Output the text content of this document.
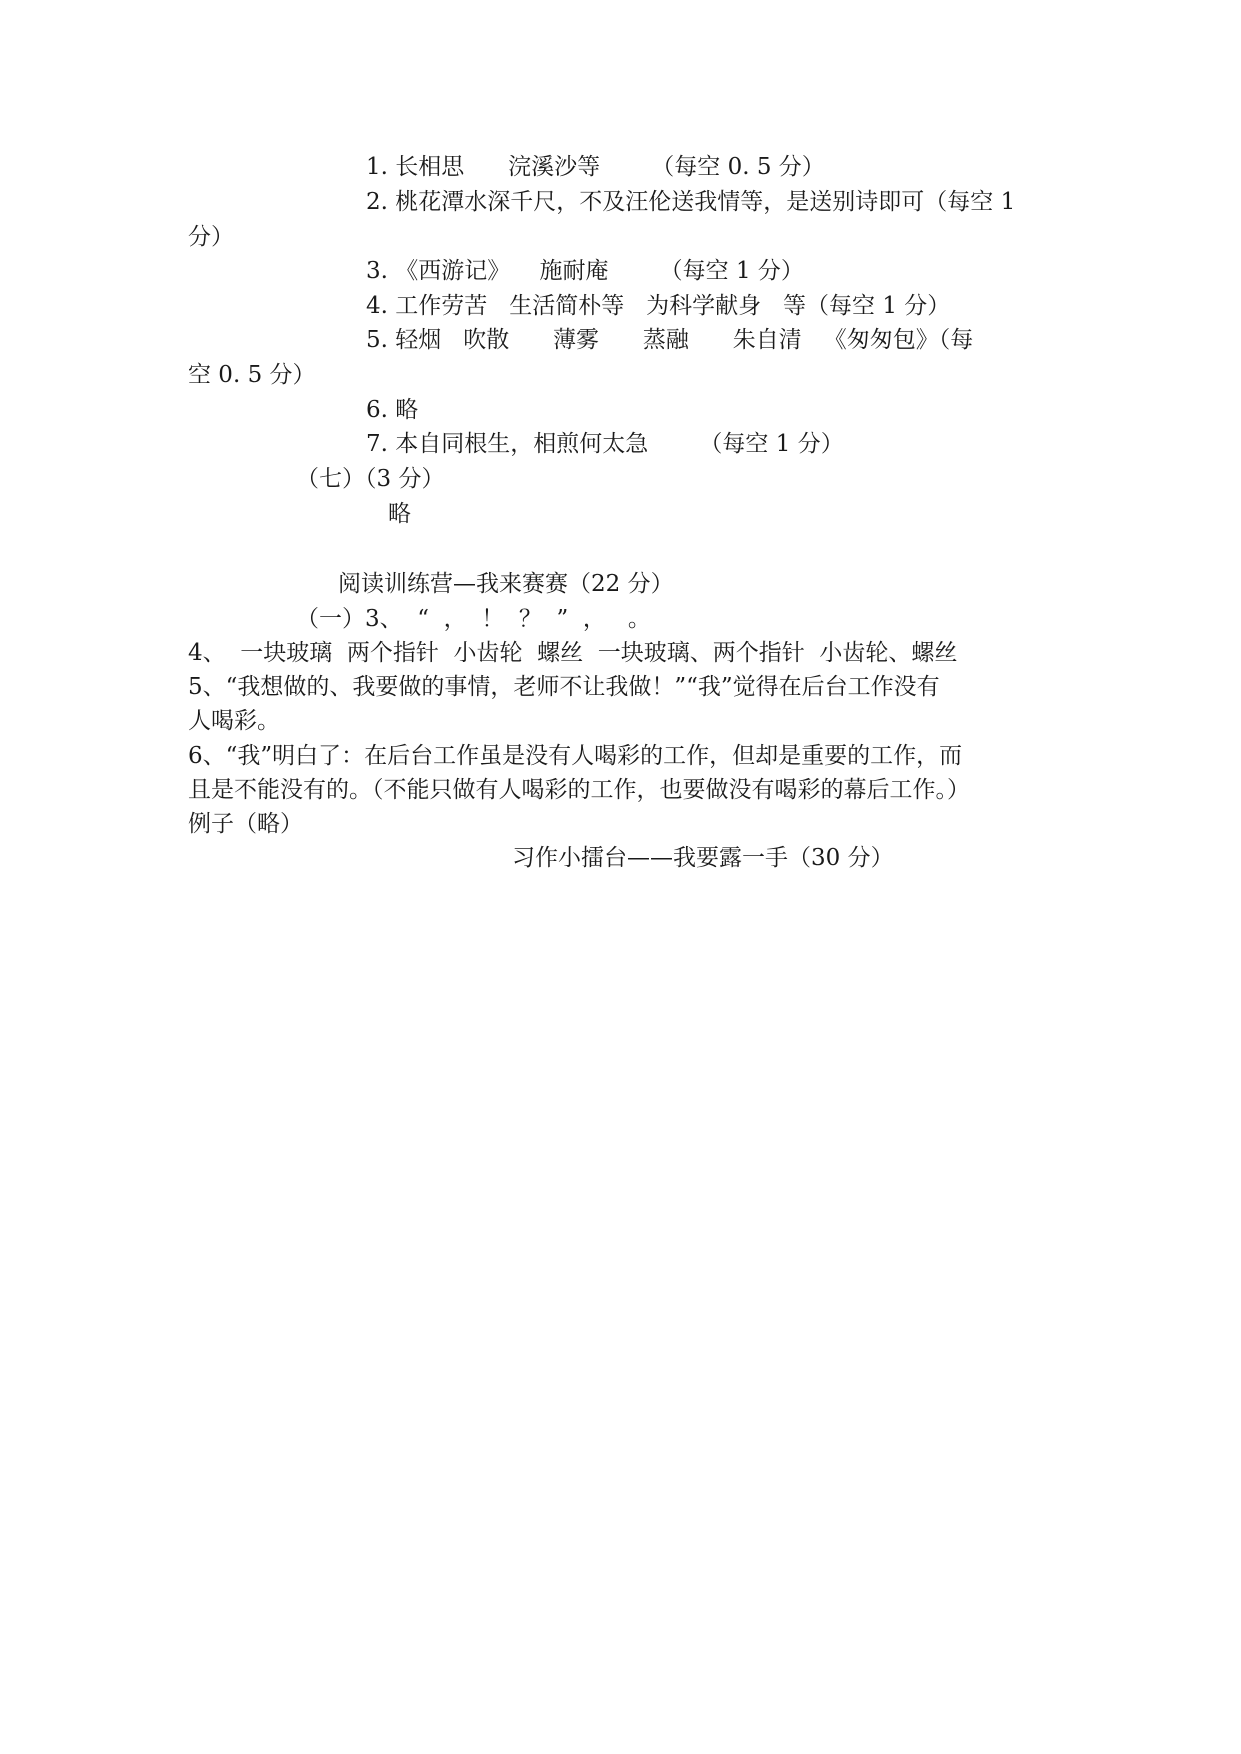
1. 长相思      浣溪沙等       （每空 0. 5 分）
2. 桃花潭水深千尺，不及汪伦送我情等，是送别诗即可（每空 1
分）
3. 《西游记》    施耐庵       （每空 1 分）
4. 工作劳苦   生活简朴等   为科学献身   等（每空 1 分）
5. 轻烟   吹散      薄雾      蒸融      朱自清   《匆匆包》（每
空 0. 5 分）
6. 略
7. 本自同根生，相煎何太急       （每空 1 分）
（七）（3 分）
略
阅读训练营—我来赛赛（22 分）
（一）3、  “  ，  ！  ？  ”  ，   。
4、  一块玻璃  两个指针  小齿轮  螺丝  一块玻璃、两个指针  小齿轮、螺丝
5、“我想做的、我要做的事情，老师不让我做！”“我”觉得在后台工作没有
人喝彩。
6、“我”明白了：在后台工作虽是没有人喝彩的工作，但却是重要的工作，而
且是不能没有的。（不能只做有人喝彩的工作，也要做没有喝彩的幕后工作。）
例子（略）
习作小擂台——我要露一手（30 分）
